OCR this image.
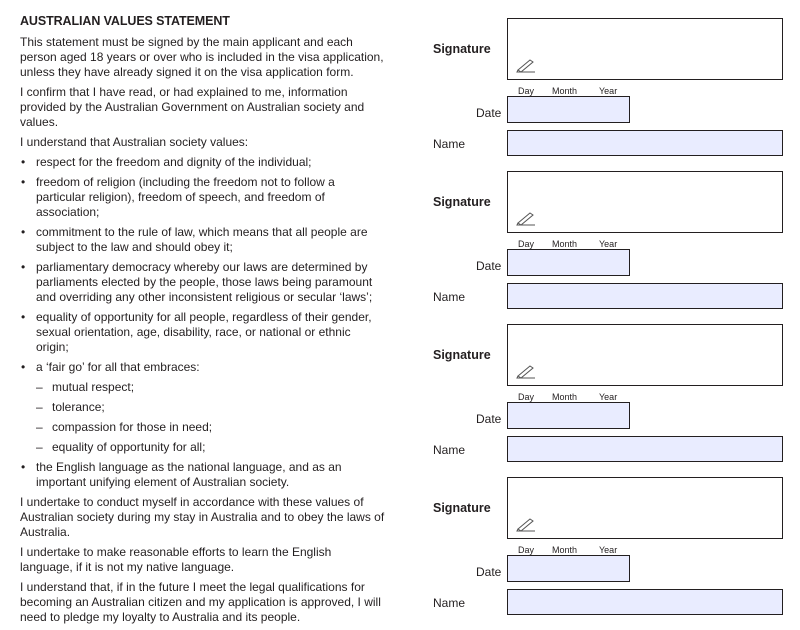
AUSTRALIAN VALUES STATEMENT

This statement must be signed by the main applicant and each person aged 18 years or over who is included in the visa application, unless they have already signed it on the visa application form.

I confirm that I have read, or had explained to me, information provided by the Australian Government on Australian society and values.

I understand that Australian society values:

• respect for the freedom and dignity of the individual;
• freedom of religion (including the freedom not to follow a particular religion), freedom of speech, and freedom of association;
• commitment to the rule of law, which means that all people are subject to the law and should obey it;
• parliamentary democracy whereby our laws are determined by parliaments elected by the people, those laws being paramount and overriding any other inconsistent religious or secular ‘laws’;
• equality of opportunity for all people, regardless of their gender, sexual orientation, age, disability, race, or national or ethnic origin;
• a ‘fair go’ for all that embraces:
– mutual respect;
– tolerance;
– compassion for those in need;
– equality of opportunity for all;
• the English language as the national language, and as an important unifying element of Australian society.

I undertake to conduct myself in accordance with these values of Australian society during my stay in Australia and to obey the laws of Australia.

I undertake to make reasonable efforts to learn the English language, if it is not my native language.

I understand that, if in the future I meet the legal qualifications for becoming an Australian citizen and my application is approved, I will need to pledge my loyalty to Australia and its people.

Signature
Day Month Year
Date
Name
Signature
Day Month Year
Date
Name
Signature
Day Month Year
Date
Name
Signature
Day Month Year
Date
Name
